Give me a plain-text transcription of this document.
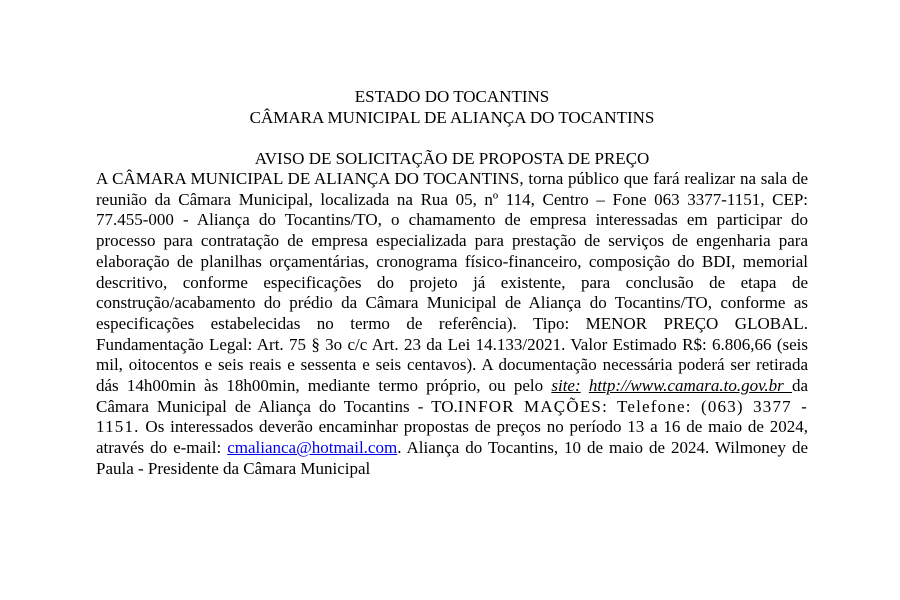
ESTADO DO TOCANTINS

CÂMARA MUNICIPAL DE ALIANÇA DO TOCANTINS

AVISO DE SOLICITAÇÃO DE PROPOSTA DE PREÇO

A CÂMARA MUNICIPAL DE ALIANÇA DO TOCANTINS, torna público que fará realizar na sala de reunião da Câmara Municipal, localizada na Rua 05, nº 114, Centro – Fone 063 3377-1151, CEP: 77.455-000 - Aliança do Tocantins/TO, o chamamento de empresa interessadas em participar do processo para contratação de empresa especializada para prestação de serviços de engenharia para elaboração de planilhas orçamentárias, cronograma físico-financeiro, composição do BDI, memorial descritivo, conforme especificações do projeto já existente, para conclusão de etapa de construção/acabamento do prédio da Câmara Municipal de Aliança do Tocantins/TO, conforme as especificações estabelecidas no termo de referência). Tipo: MENOR PREÇO GLOBAL. Fundamentação Legal: Art. 75 § 3o c/c Art. 23 da Lei 14.133/2021. Valor Estimado R$: 6.806,66 (seis mil, oitocentos e seis reais e sessenta e seis centavos). A documentação necessária poderá ser retirada dás 14h00min às 18h00min, mediante termo próprio, ou pelo site: http://www.camara.to.gov.br da Câmara Municipal de Aliança do Tocantins - TO.INFOR MAÇÕES: Telefone: (063) 3377 - 1151. Os interessados deverão encaminhar propostas de preços no período 13 a 16 de maio de 2024, através do e-mail: cmalianca@hotmail.com. Aliança do Tocantins, 10 de maio de 2024. Wilmoney de Paula - Presidente da Câmara Municipal
